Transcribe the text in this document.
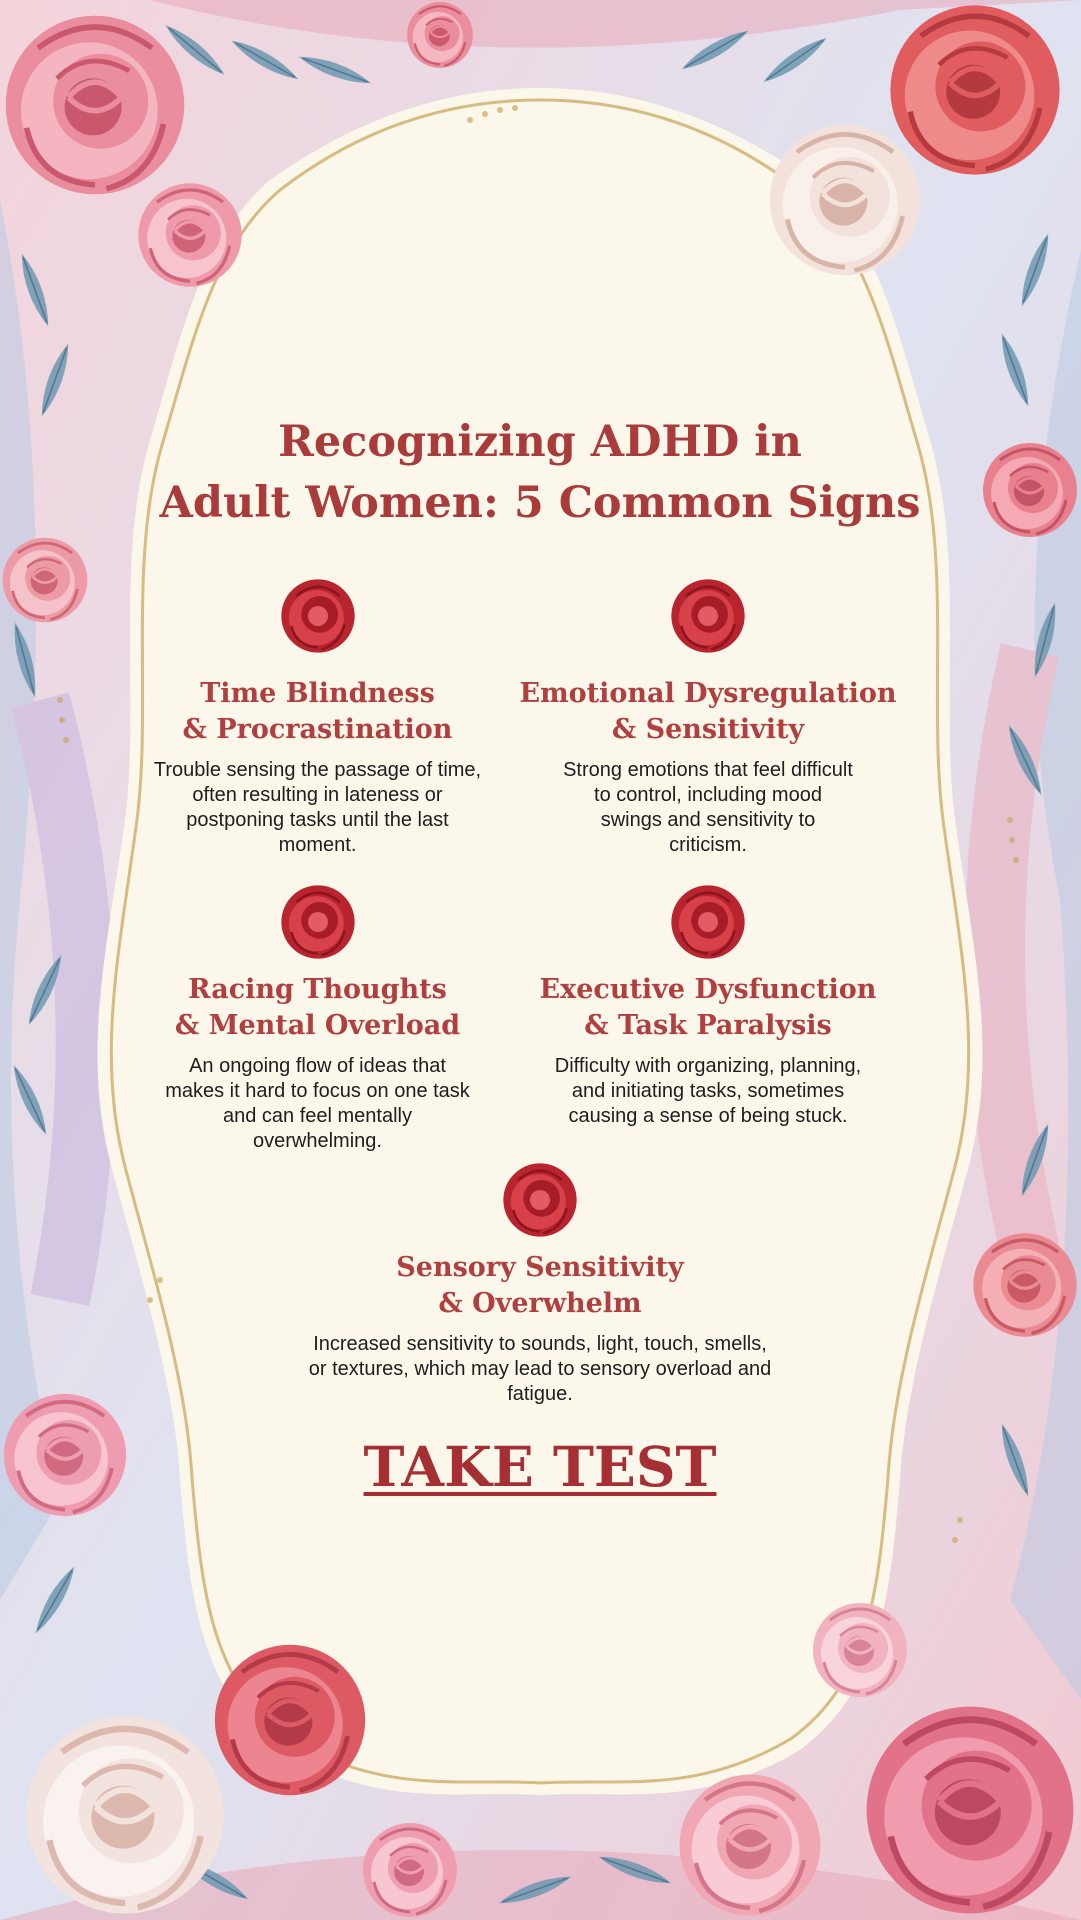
Recognizing ADHD in
Adult Women: 5 Common Signs
Time Blindness
& Procrastination

Trouble sensing the passage of time, often resulting in lateness or postponing tasks until the last moment.

Emotional Dysregulation
& Sensitivity

Strong emotions that feel difficult to control, including mood swings and sensitivity to criticism.

Racing Thoughts
& Mental Overload

An ongoing flow of ideas that makes it hard to focus on one task and can feel mentally overwhelming.

Executive Dysfunction
& Task Paralysis

Difficulty with organizing, planning, and initiating tasks, sometimes causing a sense of being stuck.

Sensory Sensitivity
& Overwhelm

Increased sensitivity to sounds, light, touch, smells, or textures, which may lead to sensory overload and fatigue.

TAKE TEST
